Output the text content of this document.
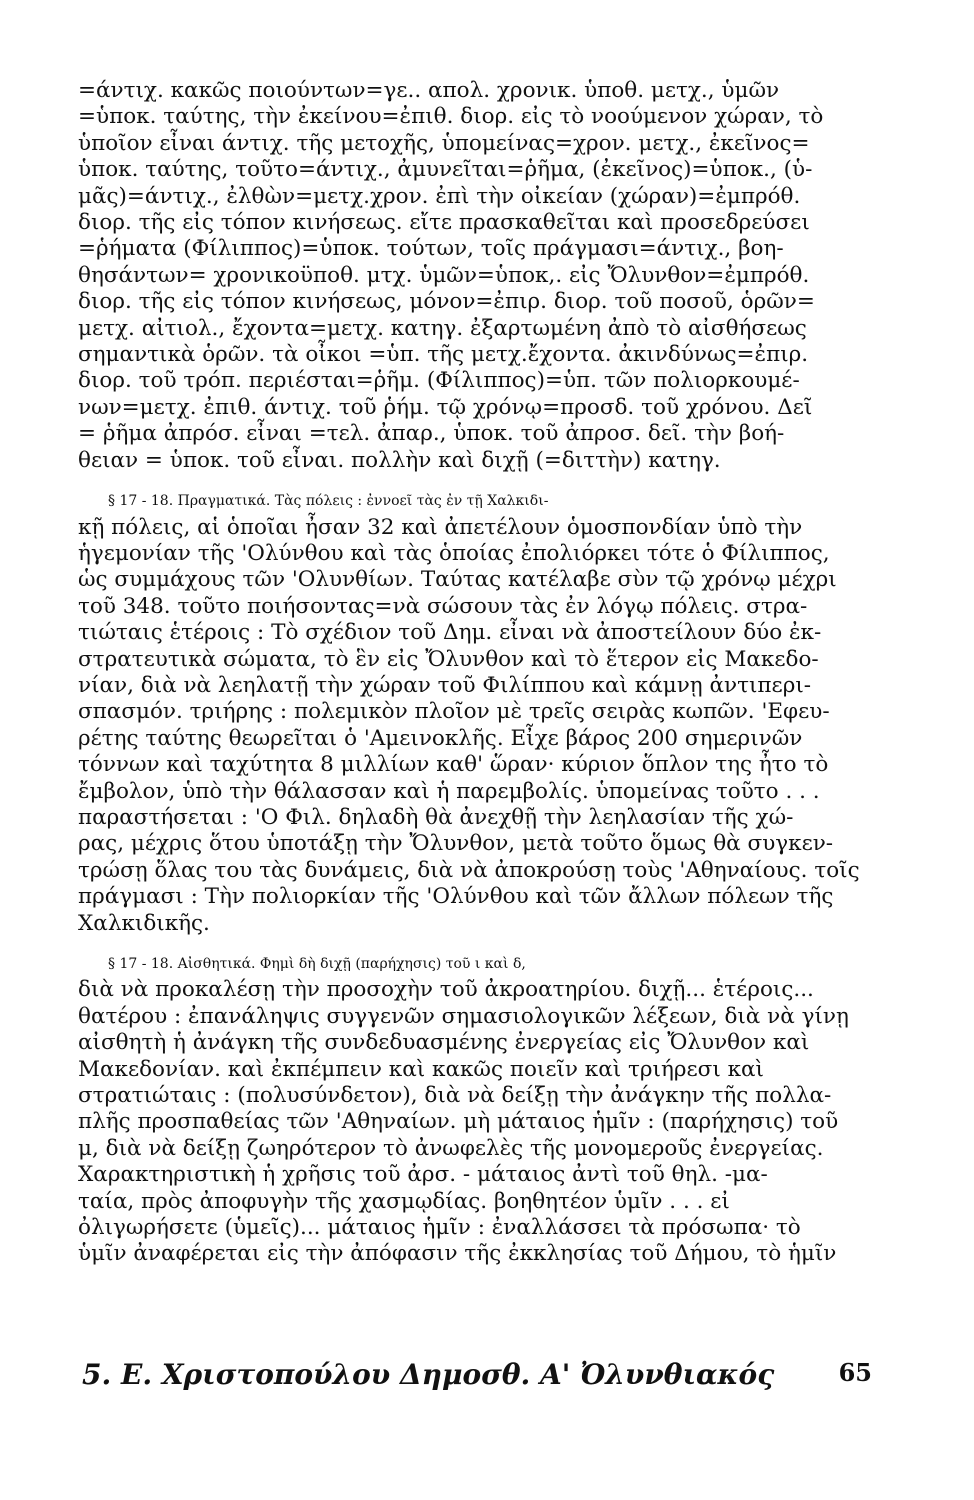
=άντιχ. κακῶς ποιούντων=γε.. απολ. χρονικ. ὑποθ. μετχ., ὑμῶν
=ὑποκ. ταύτης, τὴν ἐκείνου=ἐπιθ. διορ. εἰς τὸ νοούμενον χώραν, τὸ
ὑποῖον εἶναι άντιχ. τῆς μετοχῆς, ὑπομείνας=χρον. μετχ., ἐκεῖνος=
ὑποκ. ταύτης, τοῦτο=άντιχ., ἀμυνεῖται=ῥῆμα, (ἐκεῖνος)=ὑποκ., (ὑ-
μᾶς)=άντιχ., ἐλθὼν=μετχ.χρον. ἐπὶ τὴν οἰκείαν (χώραν)=ἐμπρόθ.
διορ. τῆς εἰς τόπον κινήσεως. εἴτε πρασκαθεῖται καὶ προσεδρεύσει
=ῥήματα (Φίλιππος)=ὑποκ. τούτων, τοῖς πράγμασι=άντιχ., βοη-
θησάντων= χρονικοϋποθ. μτχ. ὑμῶν=ὑποκ,. εἰς Ὄλυνθον=ἐμπρόθ.
διορ. τῆς εἰς τόπον κινήσεως, μόνον=ἐπιρ. διορ. τοῦ ποσοῦ, ὁρῶν=
μετχ. αἰτιολ., ἔχοντα=μετχ. κατηγ. ἐξαρτωμένη ἀπὸ τὸ αἰσθήσεως
σημαντικὰ ὁρῶν. τὰ οἶκοι =ὑπ. τῆς μετχ.ἔχοντα. ἀκινδύνως=ἐπιρ.
διορ. τοῦ τρόπ. περιέσται=ῥῆμ. (Φίλιππος)=ὑπ. τῶν πολιορκουμέ-
νων=μετχ. ἐπιθ. άντιχ. τοῦ ῥήμ. τῷ χρόνῳ=προσδ. τοῦ χρόνου. Δεῖ
= ῥῆμα ἀπρόσ. εἶναι =τελ. ἀπαρ., ὑποκ. τοῦ ἀπροσ. δεῖ. τὴν βοή-
θειαν = ὑποκ. τοῦ εἶναι. πολλὴν καὶ διχῇ (=διττὴν) κατηγ.
§ 17 - 18. Πραγματικά. Τὰς πόλεις : ἐννοεῖ τὰς ἐν τῇ Χαλκιδι-
κῇ πόλεις, αἱ ὁποῖαι ἦσαν 32 καὶ ἀπετέλουν ὁμοσπονδίαν ὑπὸ τὴν
ἡγεμονίαν τῆς 'Ολύνθου καὶ τὰς ὁποίας ἐπολιόρκει τότε ὁ Φίλιππος,
ὡς συμμάχους τῶν 'Ολυνθίων. Ταύτας κατέλαβε σὺν τῷ χρόνῳ μέχρι
τοῦ 348. τοῦτο ποιήσοντας=νὰ σώσουν τὰς ἐν λόγῳ πόλεις. στρα-
τιώταις ἑτέροις : Τὸ σχέδιον τοῦ Δημ. εἶναι νὰ ἀποστείλουν δύο ἐκ-
στρατευτικὰ σώματα, τὸ ἓν εἰς Ὄλυνθον καὶ τὸ ἕτερον εἰς Μακεδο-
νίαν, διὰ νὰ λεηλατῇ τὴν χώραν τοῦ Φιλίππου καὶ κάμνῃ ἀντιπερι-
σπασμόν. τριήρης : πολεμικὸν πλοῖον μὲ τρεῖς σειρὰς κωπῶν. 'Εφευ-
ρέτης ταύτης θεωρεῖται ὁ 'Αμεινοκλῆς. Εἶχε βάρος 200 σημερινῶν
τόννων καὶ ταχύτητα 8 μιλλίων καθ' ὥραν· κύριον ὅπλον της ἦτο τὸ
ἔμβολον, ὑπὸ τὴν θάλασσαν καὶ ἡ παρεμβολίς. ὑπομείνας τοῦτο . . .
παραστήσεται : 'Ο Φιλ. δηλαδὴ θὰ ἀνεχθῇ τὴν λεηλασίαν τῆς χώ-
ρας, μέχρις ὅτου ὑποτάξῃ τὴν Ὄλυνθον, μετὰ τοῦτο ὅμως θὰ συγκεν-
τρώσῃ ὅλας του τὰς δυνάμεις, διὰ νὰ ἀποκρούσῃ τοὺς 'Αθηναίους. τοῖς
πράγμασι : Τὴν πολιορκίαν τῆς 'Ολύνθου καὶ τῶν ἄλλων πόλεων τῆς
Χαλκιδικῆς.
§ 17 - 18. Αἰσθητικά. Φημὶ δὴ διχῇ (παρήχησις) τοῦ ι καὶ δ,
διὰ νὰ προκαλέσῃ τὴν προσοχὴν τοῦ ἀκροατηρίου. διχῇ... ἑτέροις...
θατέρου : ἐπανάληψις συγγενῶν σημασιολογικῶν λέξεων, διὰ νὰ γίνῃ
αἰσθητὴ ἡ ἀνάγκη τῆς συνδεδυασμένης ἐνεργείας εἰς Ὄλυνθον καὶ
Μακεδονίαν. καὶ ἐκπέμπειν καὶ κακῶς ποιεῖν καὶ τριήρεσι καὶ
στρατιώταις : (πολυσύνδετον), διὰ νὰ δείξῃ τὴν ἀνάγκην τῆς πολλα-
πλῆς προσπαθείας τῶν 'Αθηναίων. μὴ μάταιος ἡμῖν : (παρήχησις) τοῦ
μ, διὰ νὰ δείξῃ ζωηρότερον τὸ ἀνωφελὲς τῆς μονομεροῦς ἐνεργείας.
Χαρακτηριστικὴ ἡ χρῆσις τοῦ ἀρσ. - μάταιος ἀντὶ τοῦ θηλ. -μα-
ταία, πρὸς ἀποφυγὴν τῆς χασμῳδίας. βοηθητέον ὑμῖν . . . εἰ
ὀλιγωρήσετε (ὑμεῖς)... μάταιος ἡμῖν : ἐναλλάσσει τὰ πρόσωπα· τὸ
ὑμῖν ἀναφέρεται εἰς τὴν ἀπόφασιν τῆς ἐκκλησίας τοῦ Δήμου, τὸ ἡμῖν
5. Ε. Χριστοπούλου Δημοσθ. Α' Ὀλυνθιακός	65
